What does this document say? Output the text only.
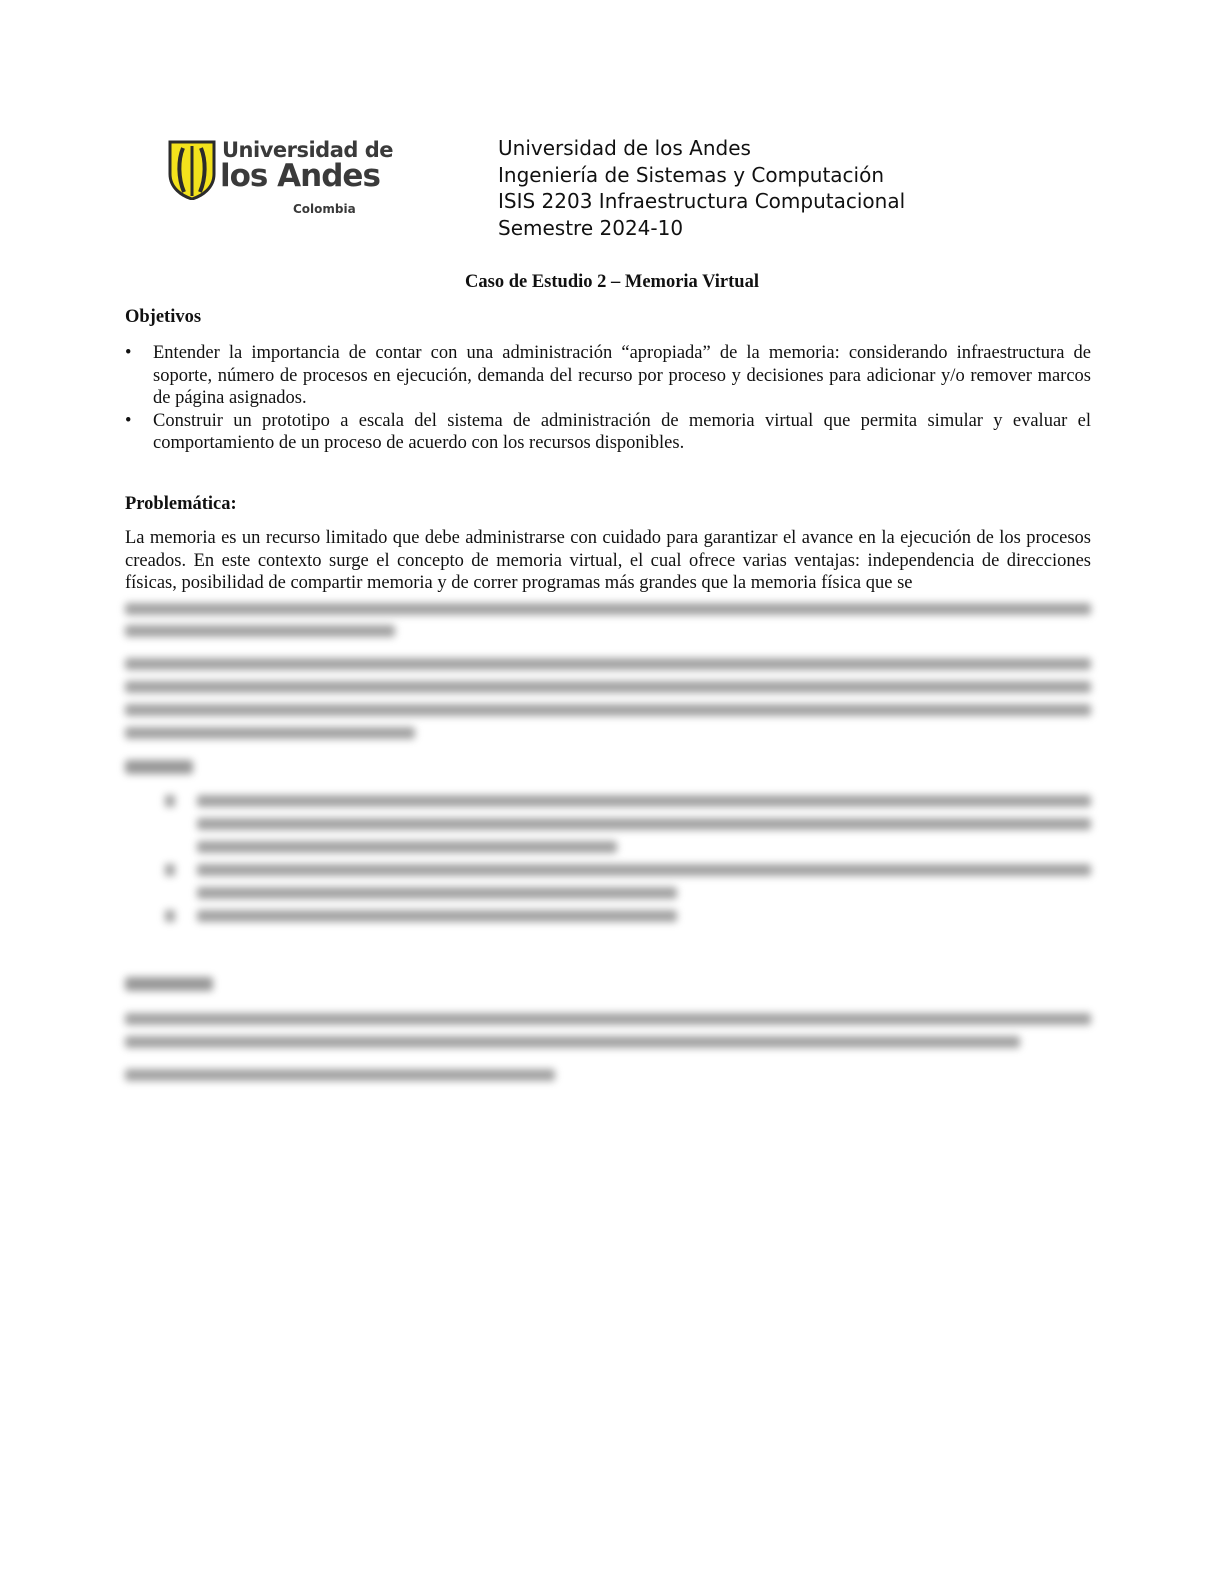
Universidad de
los Andes
Colombia
Universidad de los Andes
Ingeniería de Sistemas y Computación
ISIS 2203 Infraestructura Computacional
Semestre 2024-10
Caso de Estudio 2 – Memoria Virtual
Objetivos
• Entender la importancia de contar con una administración “apropiada” de la memoria: considerando infraestructura de soporte, número de procesos en ejecución, demanda del recurso por proceso y decisiones para adicionar y/o remover marcos de página asignados.
• Construir un prototipo a escala del sistema de administración de memoria virtual que permita simular y evaluar el comportamiento de un proceso de acuerdo con los recursos disponibles.
Problemática:
La memoria es un recurso limitado que debe administrarse con cuidado para garantizar el avance en la ejecución de los procesos creados. En este contexto surge el concepto de memoria virtual, el cual ofrece varias ventajas: independencia de direcciones físicas, posibilidad de compartir memoria y de correr programas más grandes que la memoria física que se
